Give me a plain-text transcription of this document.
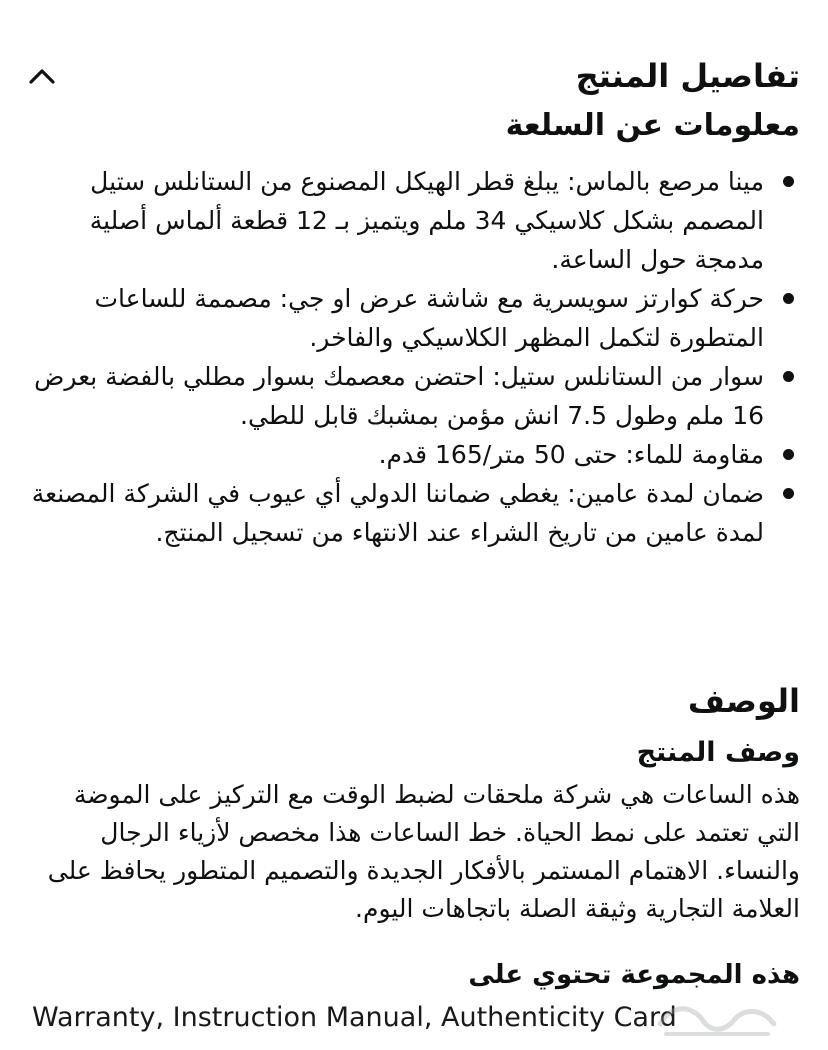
تفاصيل المنتج
معلومات عن السلعة
مينا مرصع بالماس: يبلغ قطر الهيكل المصنوع من الستانلس ستيل المصمم بشكل كلاسيكي 34 ملم ويتميز بـ 12 قطعة ألماس أصلية مدمجة حول الساعة.
حركة كوارتز سويسرية مع شاشة عرض او جي: مصممة للساعات المتطورة لتكمل المظهر الكلاسيكي والفاخر.
سوار من الستانلس ستيل: احتضن معصمك بسوار مطلي بالفضة بعرض 16 ملم وطول 7.5 انش مؤمن بمشبك قابل للطي.
مقاومة للماء: حتى 50 متر/165 قدم.
ضمان لمدة عامين: يغطي ضماننا الدولي أي عيوب في الشركة المصنعة لمدة عامين من تاريخ الشراء عند الانتهاء من تسجيل المنتج.
الوصف
وصف المنتج

هذه الساعات هي شركة ملحقات لضبط الوقت مع التركيز على الموضة التي تعتمد على نمط الحياة. خط الساعات هذا مخصص لأزياء الرجال والنساء. الاهتمام المستمر بالأفكار الجديدة والتصميم المتطور يحافظ على العلامة التجارية وثيقة الصلة باتجاهات اليوم.

هذه المجموعة تحتوي على
Warranty, Instruction Manual, Authenticity Card
